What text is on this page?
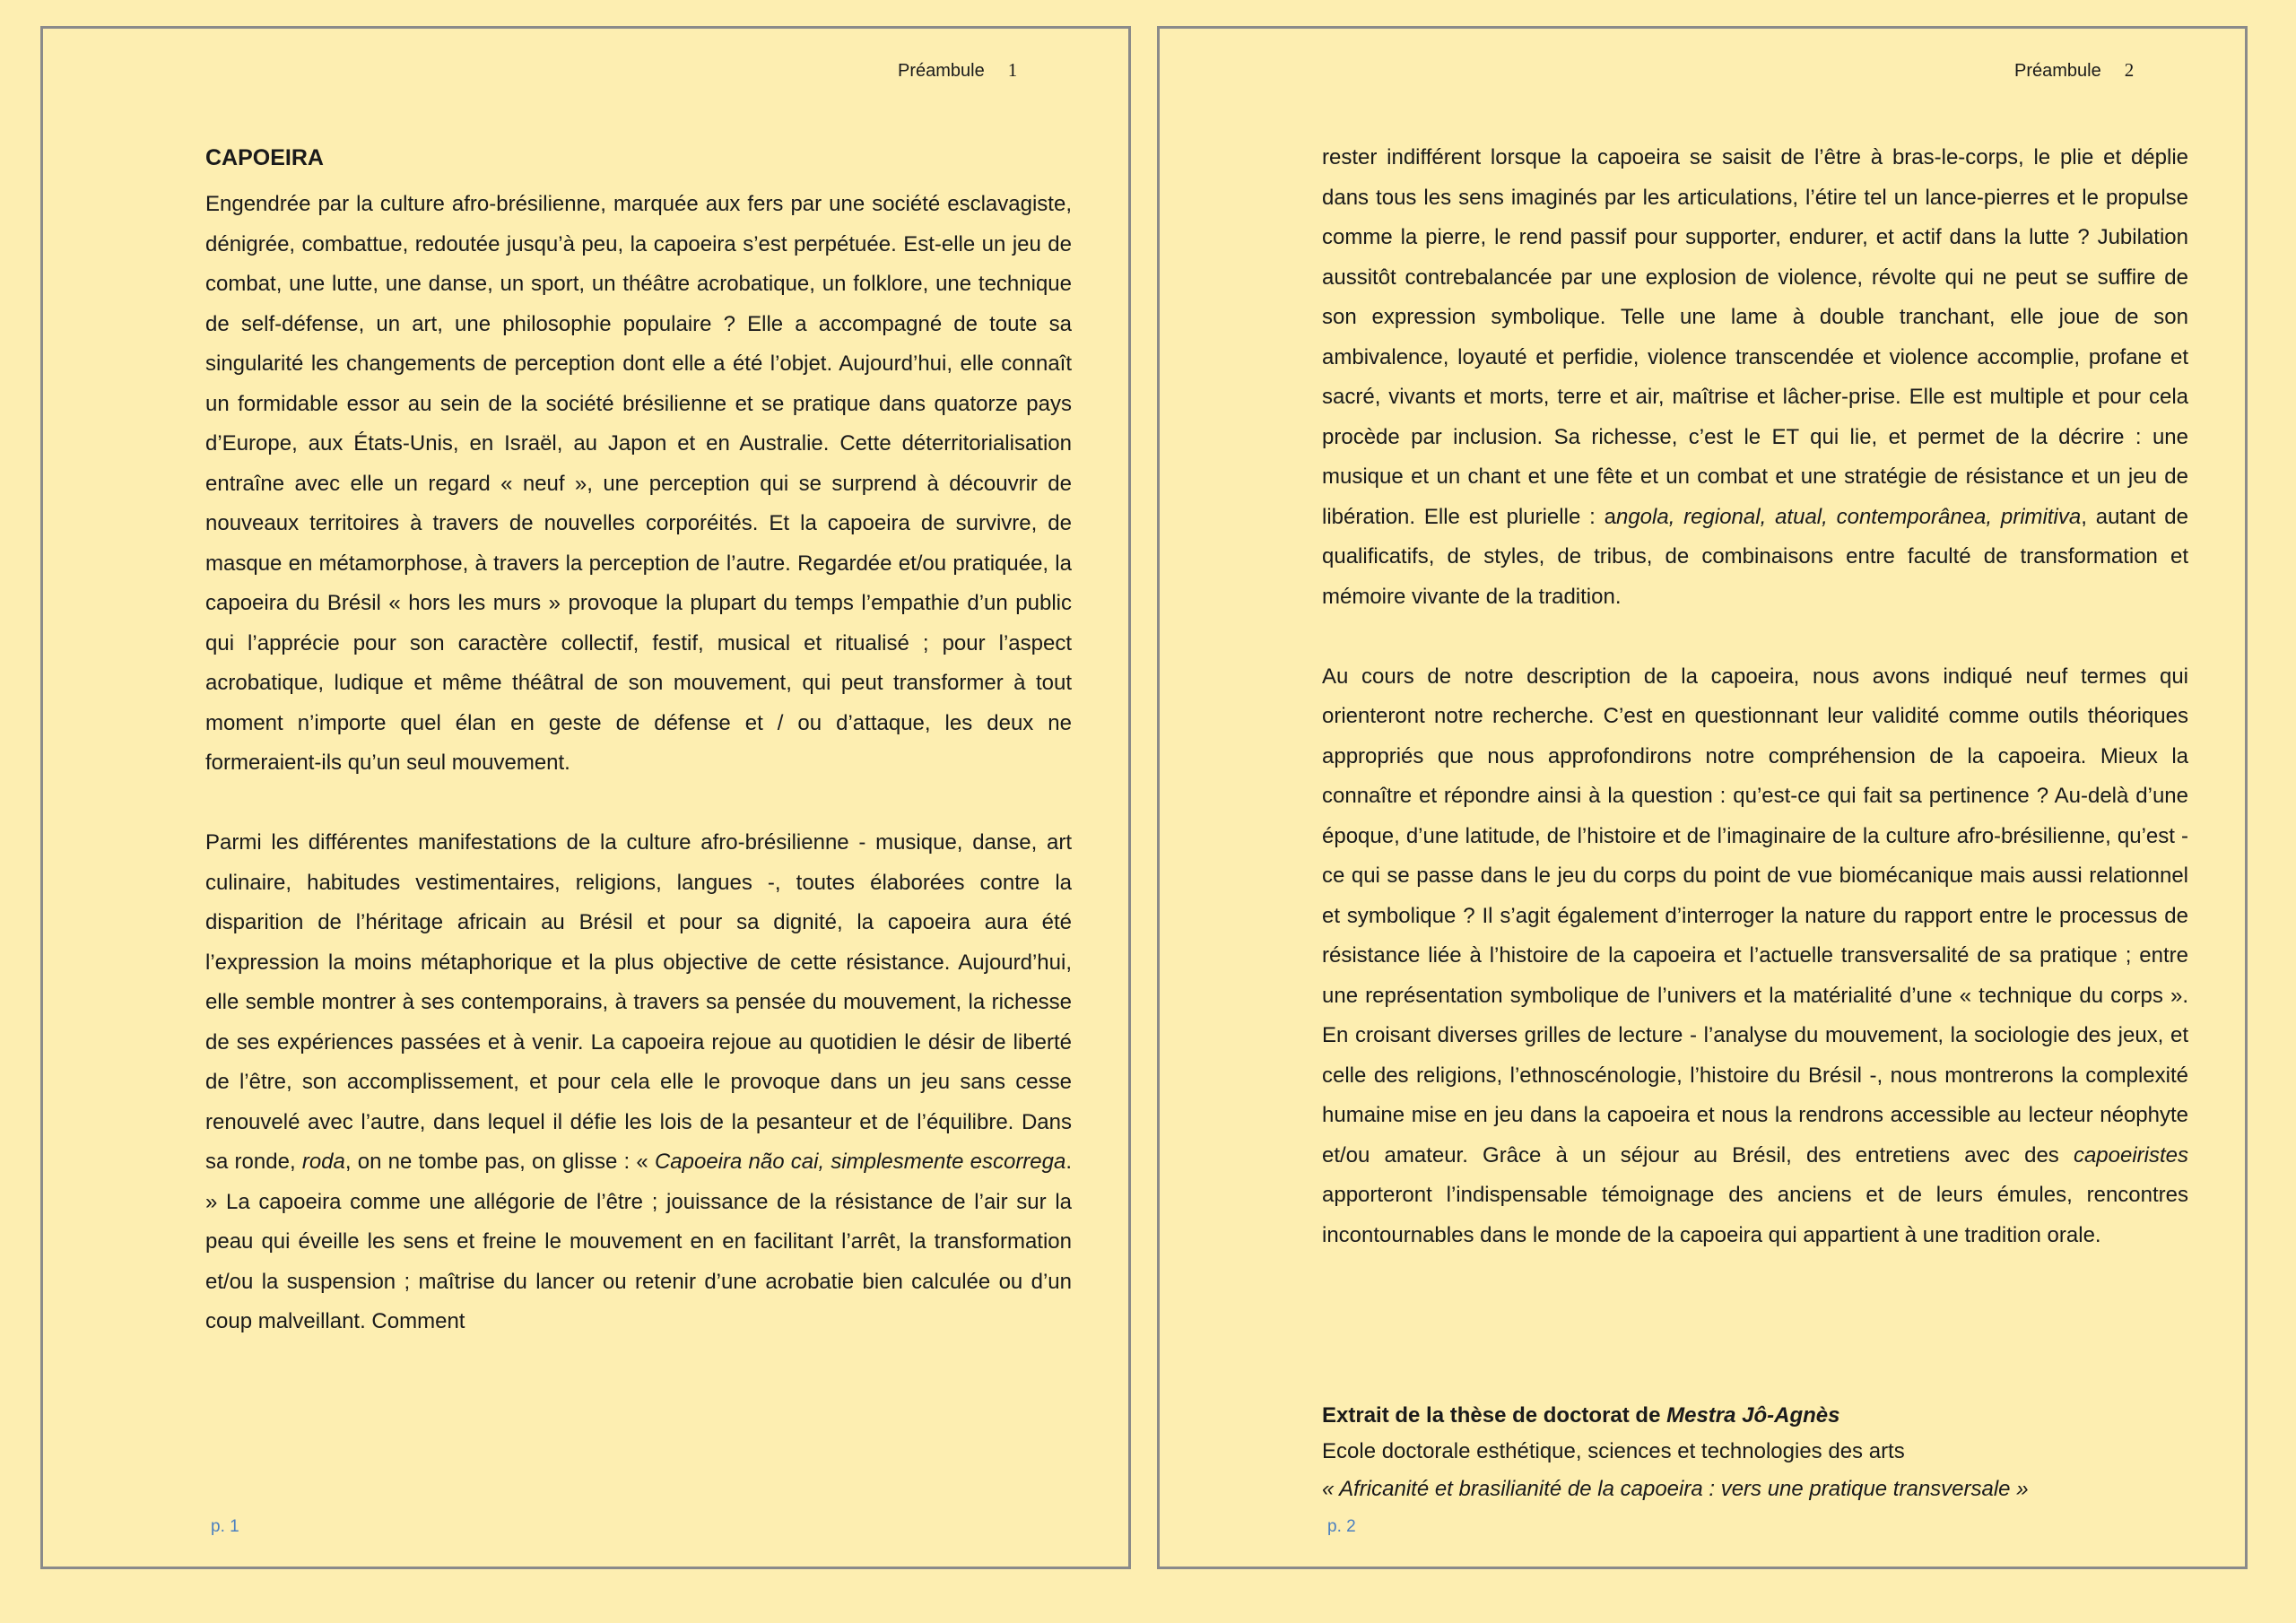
Préambule 1
CAPOEIRA

Engendrée par la culture afro-brésilienne, marquée aux fers par une société esclavagiste, dénigrée, combattue, redoutée jusqu’à peu, la capoeira s’est perpétuée. Est-elle un jeu de combat, une lutte, une danse, un sport, un théâtre acrobatique, un folklore, une technique de self-défense, un art, une philosophie populaire ? Elle a accompagné de toute sa singularité les changements de perception dont elle a été l’objet. Aujourd’hui, elle connaît un formidable essor au sein de la société brésilienne et se pratique dans quatorze pays d’Europe, aux États-Unis, en Israël, au Japon et en Australie. Cette déterritorialisation entraîne avec elle un regard « neuf », une perception qui se surprend à découvrir de nouveaux territoires à travers de nouvelles corporéités. Et la capoeira de survivre, de masque en métamorphose, à travers la perception de l’autre. Regardée et/ou pratiquée, la capoeira du Brésil « hors les murs » provoque la plupart du temps l’empathie d’un public qui l’apprécie pour son caractère collectif, festif, musical et ritualisé ; pour l’aspect acrobatique, ludique et même théâtral de son mouvement, qui peut transformer à tout moment n’importe quel élan en geste de défense et / ou d’attaque, les deux ne formeraient-ils qu’un seul mouvement.

Parmi les différentes manifestations de la culture afro-brésilienne - musique, danse, art culinaire, habitudes vestimentaires, religions, langues -, toutes élaborées contre la disparition de l’héritage africain au Brésil et pour sa dignité, la capoeira aura été l’expression la moins métaphorique et la plus objective de cette résistance. Aujourd’hui, elle semble montrer à ses contemporains, à travers sa pensée du mouvement, la richesse de ses expériences passées et à venir. La capoeira rejoue au quotidien le désir de liberté de l’être, son accomplissement, et pour cela elle le provoque dans un jeu sans cesse renouvelé avec l’autre, dans lequel il défie les lois de la pesanteur et de l’équilibre. Dans sa ronde, roda, on ne tombe pas, on glisse : « Capoeira não cai, simplesmente escorrega. » La capoeira comme une allégorie de l’être ; jouissance de la résistance de l’air sur la peau qui éveille les sens et freine le mouvement en en facilitant l’arrêt, la transformation et/ou la suspension ; maîtrise du lancer ou retenir d’une acrobatie bien calculée ou d’un coup malveillant. Comment

p. 1
Préambule 2

rester indifférent lorsque la capoeira se saisit de l’être à bras-le-corps, le plie et déplie dans tous les sens imaginés par les articulations, l’étire tel un lance-pierres et le propulse comme la pierre, le rend passif pour supporter, endurer, et actif dans la lutte ? Jubilation aussitôt contrebalancée par une explosion de violence, révolte qui ne peut se suffire de son expression symbolique. Telle une lame à double tranchant, elle joue de son ambivalence, loyauté et perfidie, violence transcendée et violence accomplie, profane et sacré, vivants et morts, terre et air, maîtrise et lâcher-prise. Elle est multiple et pour cela procède par inclusion. Sa richesse, c’est le ET qui lie, et permet de la décrire : une musique et un chant et une fête et un combat et une stratégie de résistance et un jeu de libération. Elle est plurielle : angola, regional, atual, contemporânea, primitiva, autant de qualificatifs, de styles, de tribus, de combinaisons entre faculté de transformation et mémoire vivante de la tradition.

Au cours de notre description de la capoeira, nous avons indiqué neuf termes qui orienteront notre recherche. C’est en questionnant leur validité comme outils théoriques appropriés que nous approfondirons notre compréhension de la capoeira. Mieux la connaître et répondre ainsi à la question : qu’est-ce qui fait sa pertinence ? Au-delà d’une époque, d’une latitude, de l’histoire et de l’imaginaire de la culture afro-brésilienne, qu’est - ce qui se passe dans le jeu du corps du point de vue biomécanique mais aussi relationnel et symbolique ? Il s’agit également d’interroger la nature du rapport entre le processus de résistance liée à l’histoire de la capoeira et l’actuelle transversalité de sa pratique ; entre une représentation symbolique de l’univers et la matérialité d’une « technique du corps ». En croisant diverses grilles de lecture - l’analyse du mouvement, la sociologie des jeux, et celle des religions, l’ethnoscénologie, l’histoire du Brésil -, nous montrerons la complexité humaine mise en jeu dans la capoeira et nous la rendrons accessible au lecteur néophyte et/ou amateur. Grâce à un séjour au Brésil, des entretiens avec des capoeiristes apporteront l’indispensable témoignage des anciens et de leurs émules, rencontres incontournables dans le monde de la capoeira qui appartient à une tradition orale.

Extrait de la thèse de doctorat de Mestra Jô-Agnès
Ecole doctorale esthétique, sciences et technologies des arts
« Africanité et brasilianité de la capoeira : vers une pratique transversale »
p. 2
